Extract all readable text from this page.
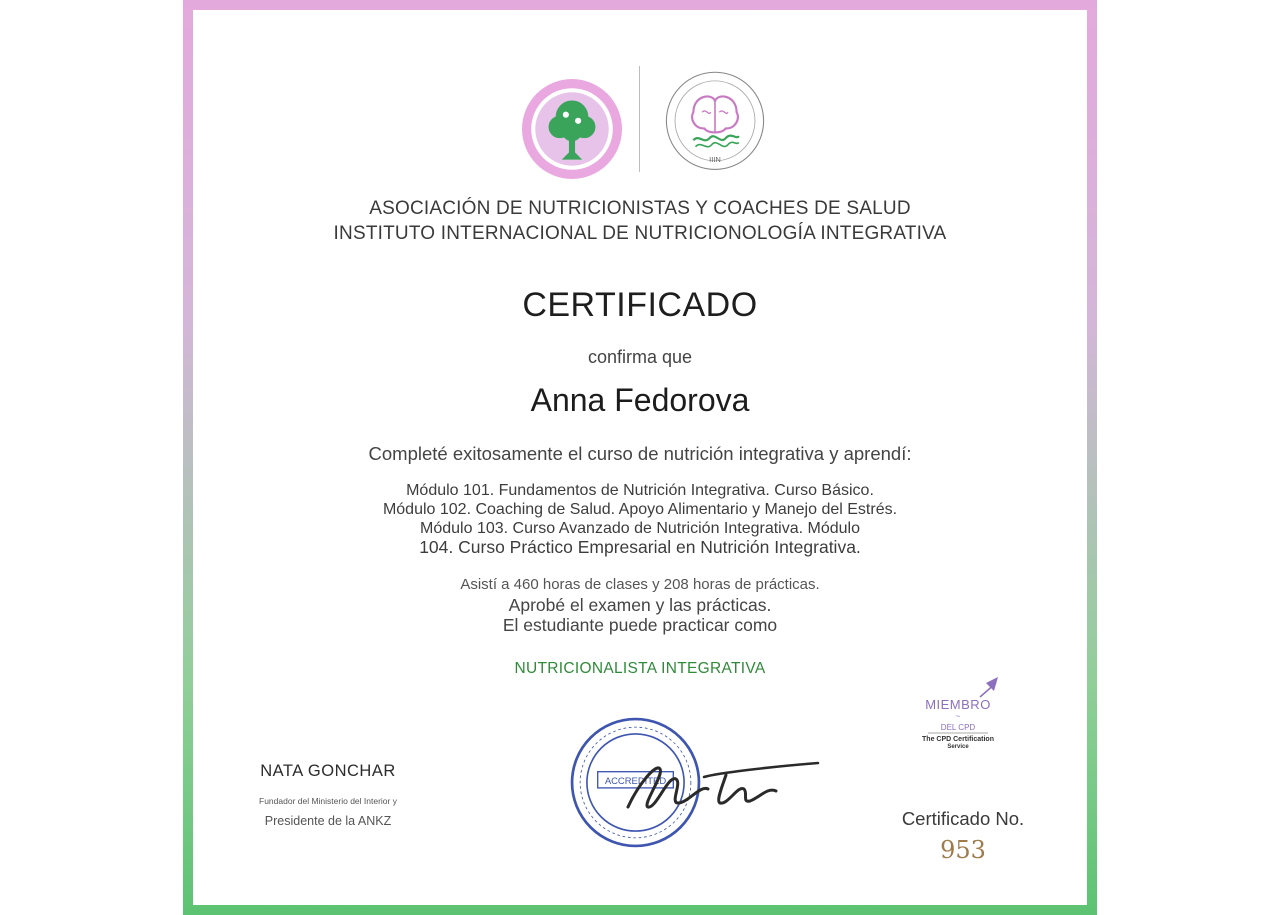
IIIN
ASOCIACIÓN DE NUTRICIONISTAS Y COACHES DE SALUD
INSTITUTO INTERNACIONAL DE NUTRICIONOLOGÍA INTEGRATIVA
CERTIFICADO
confirma que
Anna Fedorova
Completé exitosamente el curso de nutrición integrativa y aprendí:
Módulo 101. Fundamentos de Nutrición Integrativa. Curso Básico.
Módulo 102. Coaching de Salud. Apoyo Alimentario y Manejo del Estrés.
Módulo 103. Curso Avanzado de Nutrición Integrativa. Módulo
104. Curso Práctico Empresarial en Nutrición Integrativa.
Asistí a 460 horas de clases y 208 horas de prácticas.
Aprobé el examen y las prácticas.
El estudiante puede practicar como
NUTRICIONALISTA INTEGRATIVA
NATA GONCHAR
Fundador del Ministerio del Interior y
Presidente de la ANKZ
ACCREDITED
MIEMBRO
~
DEL CPD
The CPD Certification
Service
Certificado No.
953
